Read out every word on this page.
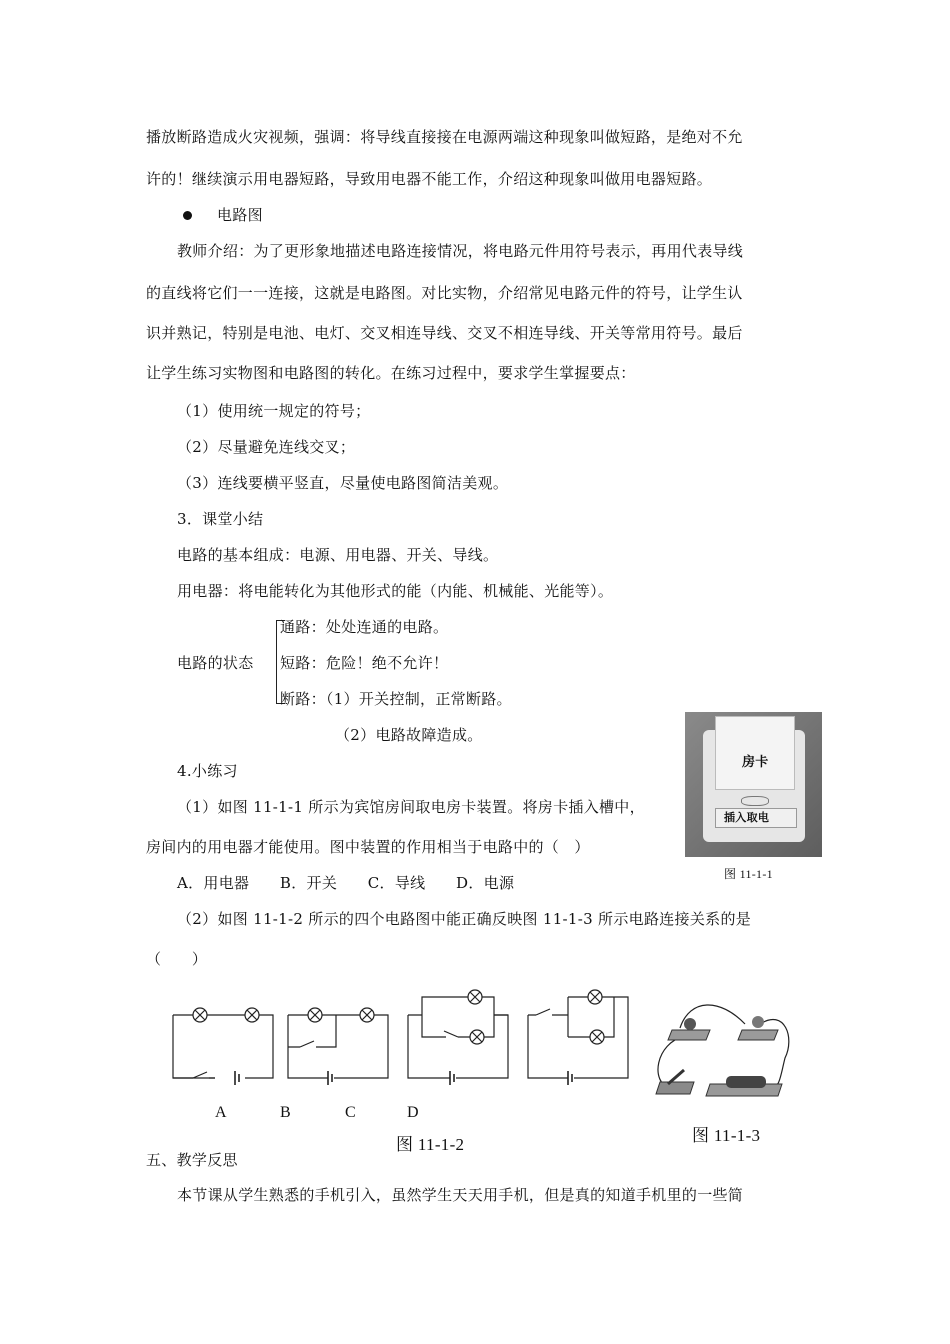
播放断路造成火灾视频，强调：将导线直接接在电源两端这种现象叫做短路，是绝对不允
许的！继续演示用电器短路，导致用电器不能工作，介绍这种现象叫做用电器短路。
电路图
教师介绍：为了更形象地描述电路连接情况，将电路元件用符号表示，再用代表导线
的直线将它们一一连接，这就是电路图。对比实物，介绍常见电路元件的符号，让学生认
识并熟记，特别是电池、电灯、交叉相连导线、交叉不相连导线、开关等常用符号。最后
让学生练习实物图和电路图的转化。在练习过程中，要求学生掌握要点：
（1）使用统一规定的符号；
（2）尽量避免连线交叉；
（3）连线要横平竖直，尽量使电路图简洁美观。
3．课堂小结
电路的基本组成：电源、用电器、开关、导线。
用电器：将电能转化为其他形式的能（内能、机械能、光能等）。
电路的状态
通路：处处连通的电路。
短路：危险！绝不允许！
断路：（1）开关控制，正常断路。
（2）电路故障造成。
4.小练习
（1）如图 11-1-1 所示为宾馆房间取电房卡装置。将房卡插入槽中，
房间内的用电器才能使用。图中装置的作用相当于电路中的（　）
A．用电器　　B．开关　　C．导线　　D．电源
（2）如图 11-1-2 所示的四个电路图中能正确反映图 11-1-3 所示电路连接关系的是
（　　）
房卡
插入取电
图 11-1-1
A	B	C	D
图 11-1-2	图 11-1-3
五、教学反思
本节课从学生熟悉的手机引入，虽然学生天天用手机，但是真的知道手机里的一些简
